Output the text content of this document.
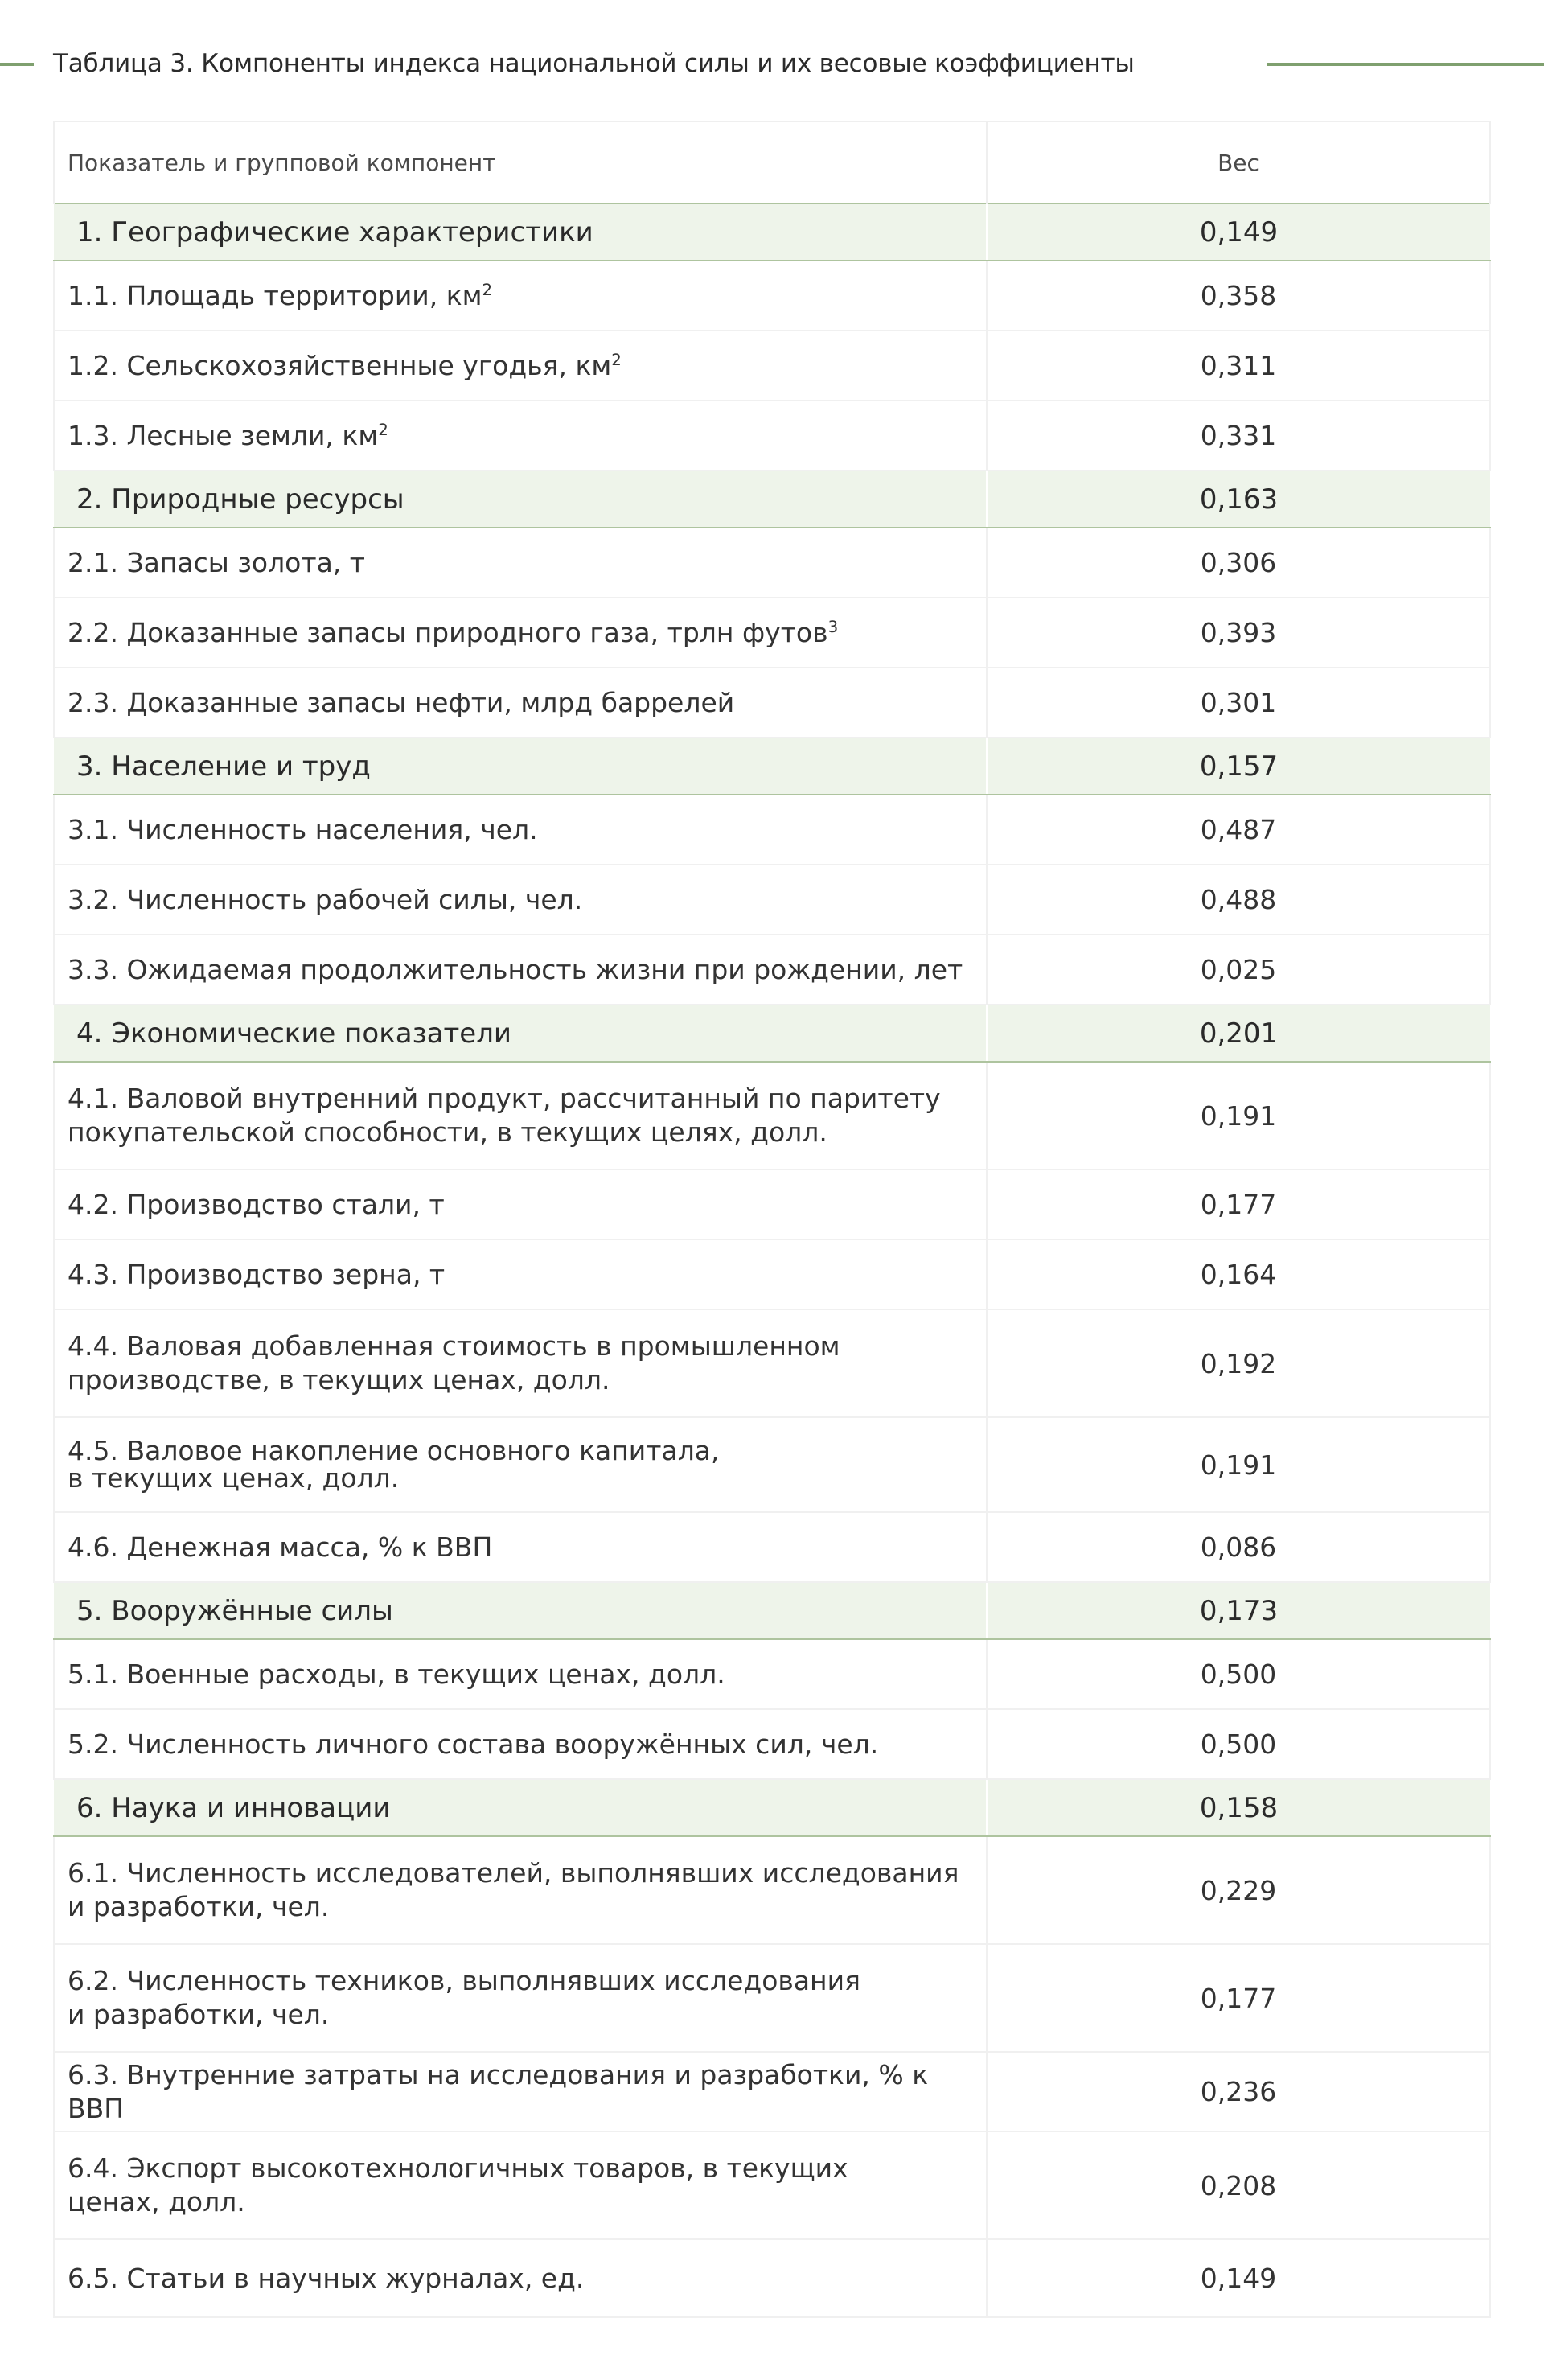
Таблица 3. Компоненты индекса национальной силы и их весовые коэффициенты
Показатель и групповой компонент	Вес
1. Географические характеристики	0,149
1.1. Площадь территории, $км^2$	0,358
1.2. Сельскохозяйственные угодья, $км^2$	0,311
1.3. Лесные земли, $км^2$	0,331
2. Природные ресурсы	0,163
2.1. Запасы золота, т	0,306
2.2. Доказанные запасы природного газа, трлн футов$^3$	0,393
2.3. Доказанные запасы нефти, млрд баррелей	0,301
3. Население и труд	0,157
3.1. Численность населения, чел.	0,487
3.2. Численность рабочей силы, чел.	0,488
3.3. Ожидаемая продолжительность жизни при рождении, лет	0,025
4. Экономические показатели	0,201
4.1. Валовой внутренний продукт, рассчитанный по паритету
покупательской способности, в текущих целях, долл.	0,191
4.2. Производство стали, т	0,177
4.3. Производство зерна, т	0,164
4.4. Валовая добавленная стоимость в промышленном
производстве, в текущих ценах, долл.	0,192
4.5. Валовое накопление основного капитала,
в текущих ценах, долл.	0,191
4.6. Денежная масса, % к ВВП	0,086
5. Вооружённые силы	0,173
5.1. Военные расходы, в текущих ценах, долл.	0,500
5.2. Численность личного состава вооружённых сил, чел.	0,500
6. Наука и инновации	0,158
6.1. Численность исследователей, выполнявших исследования
и разработки, чел.	0,229
6.2. Численность техников, выполнявших исследования
и разработки, чел.	0,177
6.3. Внутренние затраты на исследования и разработки, % к ВВП	0,236
6.4. Экспорт высокотехнологичных товаров, в текущих
ценах, долл.	0,208
6.5. Статьи в научных журналах, ед.	0,149
